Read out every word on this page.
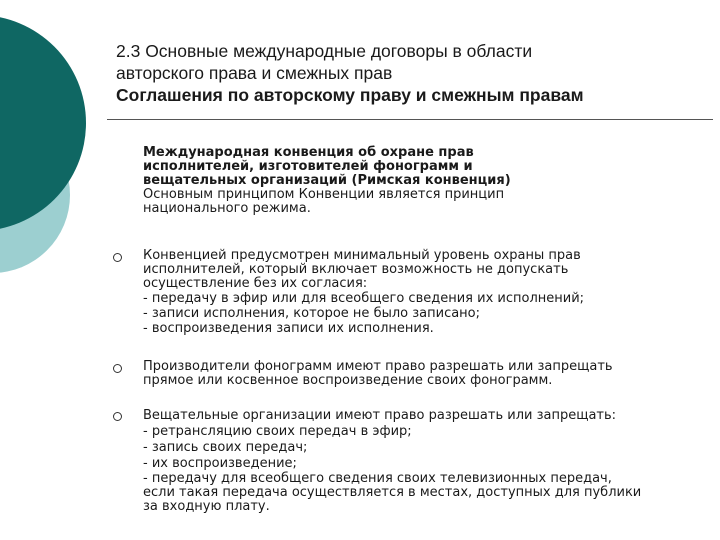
2.3 Основные международные договоры в области
авторского права и смежных прав
Соглашения по авторскому праву и смежным правам
Международная конвенция об охране прав
исполнителей, изготовителей фонограмм и
вещательных организаций (Римская конвенция)
Основным принципом Конвенции является принцип
национального режима.
Конвенцией предусмотрен минимальный уровень охраны прав
исполнителей, который включает возможность не допускать
осуществление без их согласия:
- передачу в эфир или для всеобщего сведения их исполнений;
- записи исполнения, которое не было записано;
- воспроизведения записи их исполнения.
Производители фонограмм имеют право разрешать или запрещать
прямое или косвенное воспроизведение своих фонограмм.
Вещательные организации имеют право разрешать или запрещать:
- ретрансляцию своих передач в эфир;
- запись своих передач;
- их воспроизведение;
- передачу для всеобщего сведения своих телевизионных передач,
если такая передача осуществляется в местах, доступных для публики
за входную плату.
